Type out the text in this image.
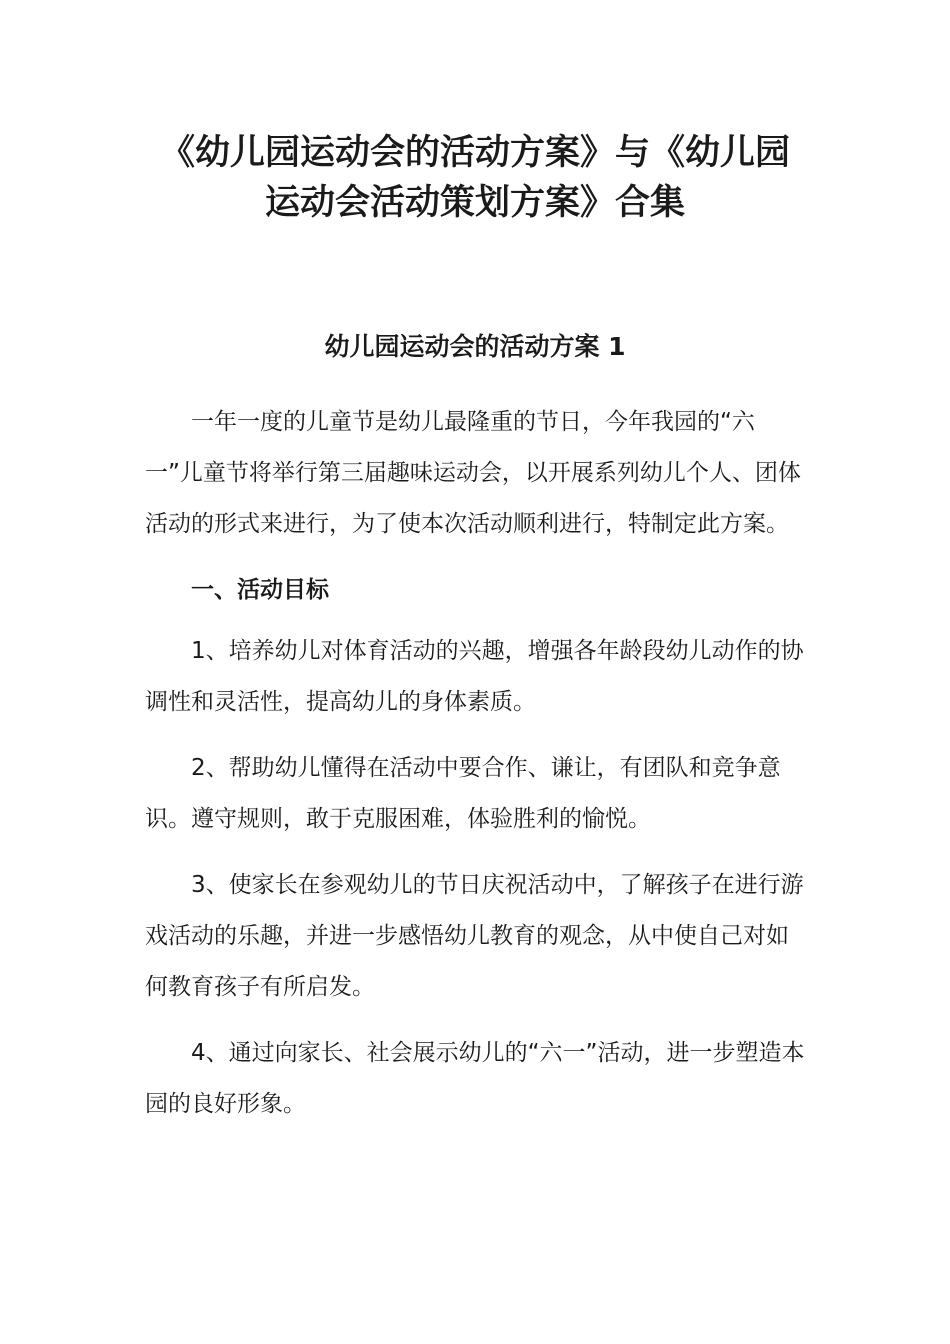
《幼儿园运动会的活动方案》与《幼儿园
运动会活动策划方案》合集
幼儿园运动会的活动方案 1

一年一度的儿童节是幼儿最隆重的节日，今年我园的“六一”儿童节将举行第三届趣味运动会，以开展系列幼儿个人、团体活动的形式来进行，为了使本次活动顺利进行，特制定此方案。

一、活动目标

1、培养幼儿对体育活动的兴趣，增强各年龄段幼儿动作的协调性和灵活性，提高幼儿的身体素质。

2、帮助幼儿懂得在活动中要合作、谦让，有团队和竞争意识。遵守规则，敢于克服困难，体验胜利的愉悦。

3、使家长在参观幼儿的节日庆祝活动中，了解孩子在进行游戏活动的乐趣，并进一步感悟幼儿教育的观念，从中使自己对如何教育孩子有所启发。

4、通过向家长、社会展示幼儿的“六一”活动，进一步塑造本园的良好形象。
